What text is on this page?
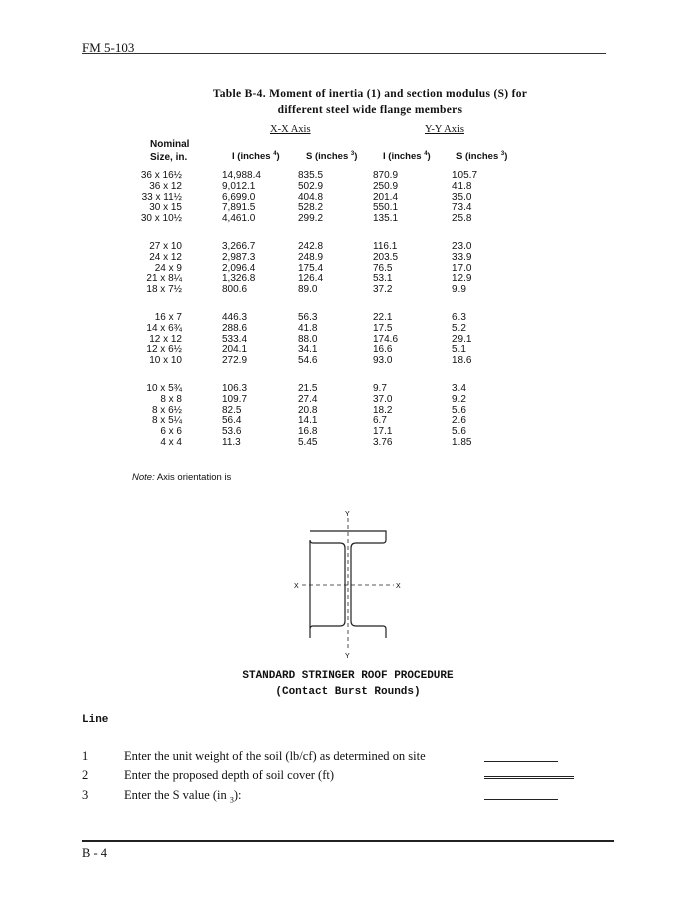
FM 5-103
Table B-4. Moment of inertia (1) and section modulus (S) for
different steel wide flange members
X-X Axis	Y-Y Axis
Nominal
Size, in.	I (inches $^4$)	S (inches $^3$)	I (inches $^4$)	S (inches $^3$)
36 x 16½	14,988.4	835.5	870.9	105.7
36 x 12	9,012.1	502.9	250.9	41.8
33 x 11½	6,699.0	404.8	201.4	35.0
30 x 15	7,891.5	528.2	550.1	73.4
30 x 10½	4,461.0	299.2	135.1	25.8
27 x 10	3,266.7	242.8	116.1	23.0
24 x 12	2,987.3	248.9	203.5	33.9
24 x 9	2,096.4	175.4	76.5	17.0
21 x 8¼	1,326.8	126.4	53.1	12.9
18 x 7½	800.6	89.0	37.2	9.9
16 x 7	446.3	56.3	22.1	6.3
14 x 6¾	288.6	41.8	17.5	5.2
12 x 12	533.4	88.0	174.6	29.1
12 x 6½	204.1	34.1	16.6	5.1
10 x 10	272.9	54.6	93.0	18.6
10 x 5¾	106.3	21.5	9.7	3.4
8 x 8	109.7	27.4	37.0	9.2
8 x 6½	82.5	20.8	18.2	5.6
8 x 5¼	56.4	14.1	6.7	2.6
6 x 6	53.6	16.8	17.1	5.6
4 x 4	11.3	5.45	3.76	1.85
Note: Axis orientation is
Y
Y
X	X
STANDARD STRINGER ROOF PROCEDURE
(Contact Burst Rounds)
Line
1	Enter the unit weight of the soil (lb/cf) as determined on site
2	Enter the proposed depth of soil cover (ft)
3	Enter the S value (in $_3$):
B - 4
